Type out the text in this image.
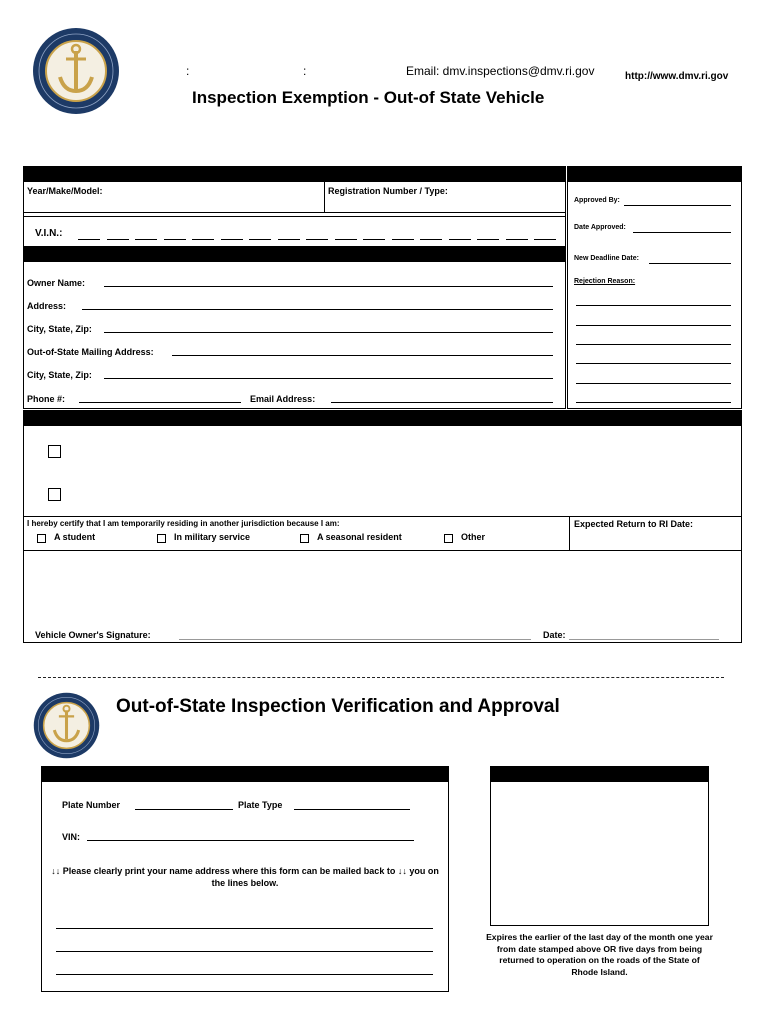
:	:	Email: dmv.inspections@dmv.ri.gov	http://www.dmv.ri.gov
Inspection Exemption - Out-of State Vehicle
Year/Make/Model:	Registration Number / Type:
V.I.N.:
Owner Name:
Address:
City, State, Zip:
Out-of-State Mailing Address:
City, State, Zip:
Phone #:	Email Address:
Approved By:
Date Approved:
New Deadline Date:
Rejection Reason:
I hereby certify that I am temporarily residing in another jurisdiction because I am:	Expected Return to RI Date:
A student	In military service	A seasonal resident	Other
Vehicle Owner's Signature:	Date:
Out-of-State Inspection Verification and Approval
Plate Number	Plate Type
VIN:
↓↓ Please clearly print your name address where this form can be mailed back to ↓↓ you on the lines below.
Expires the earlier of the last day of the month one year from date stamped above OR five days from being returned to operation on the roads of the State of Rhode Island.
